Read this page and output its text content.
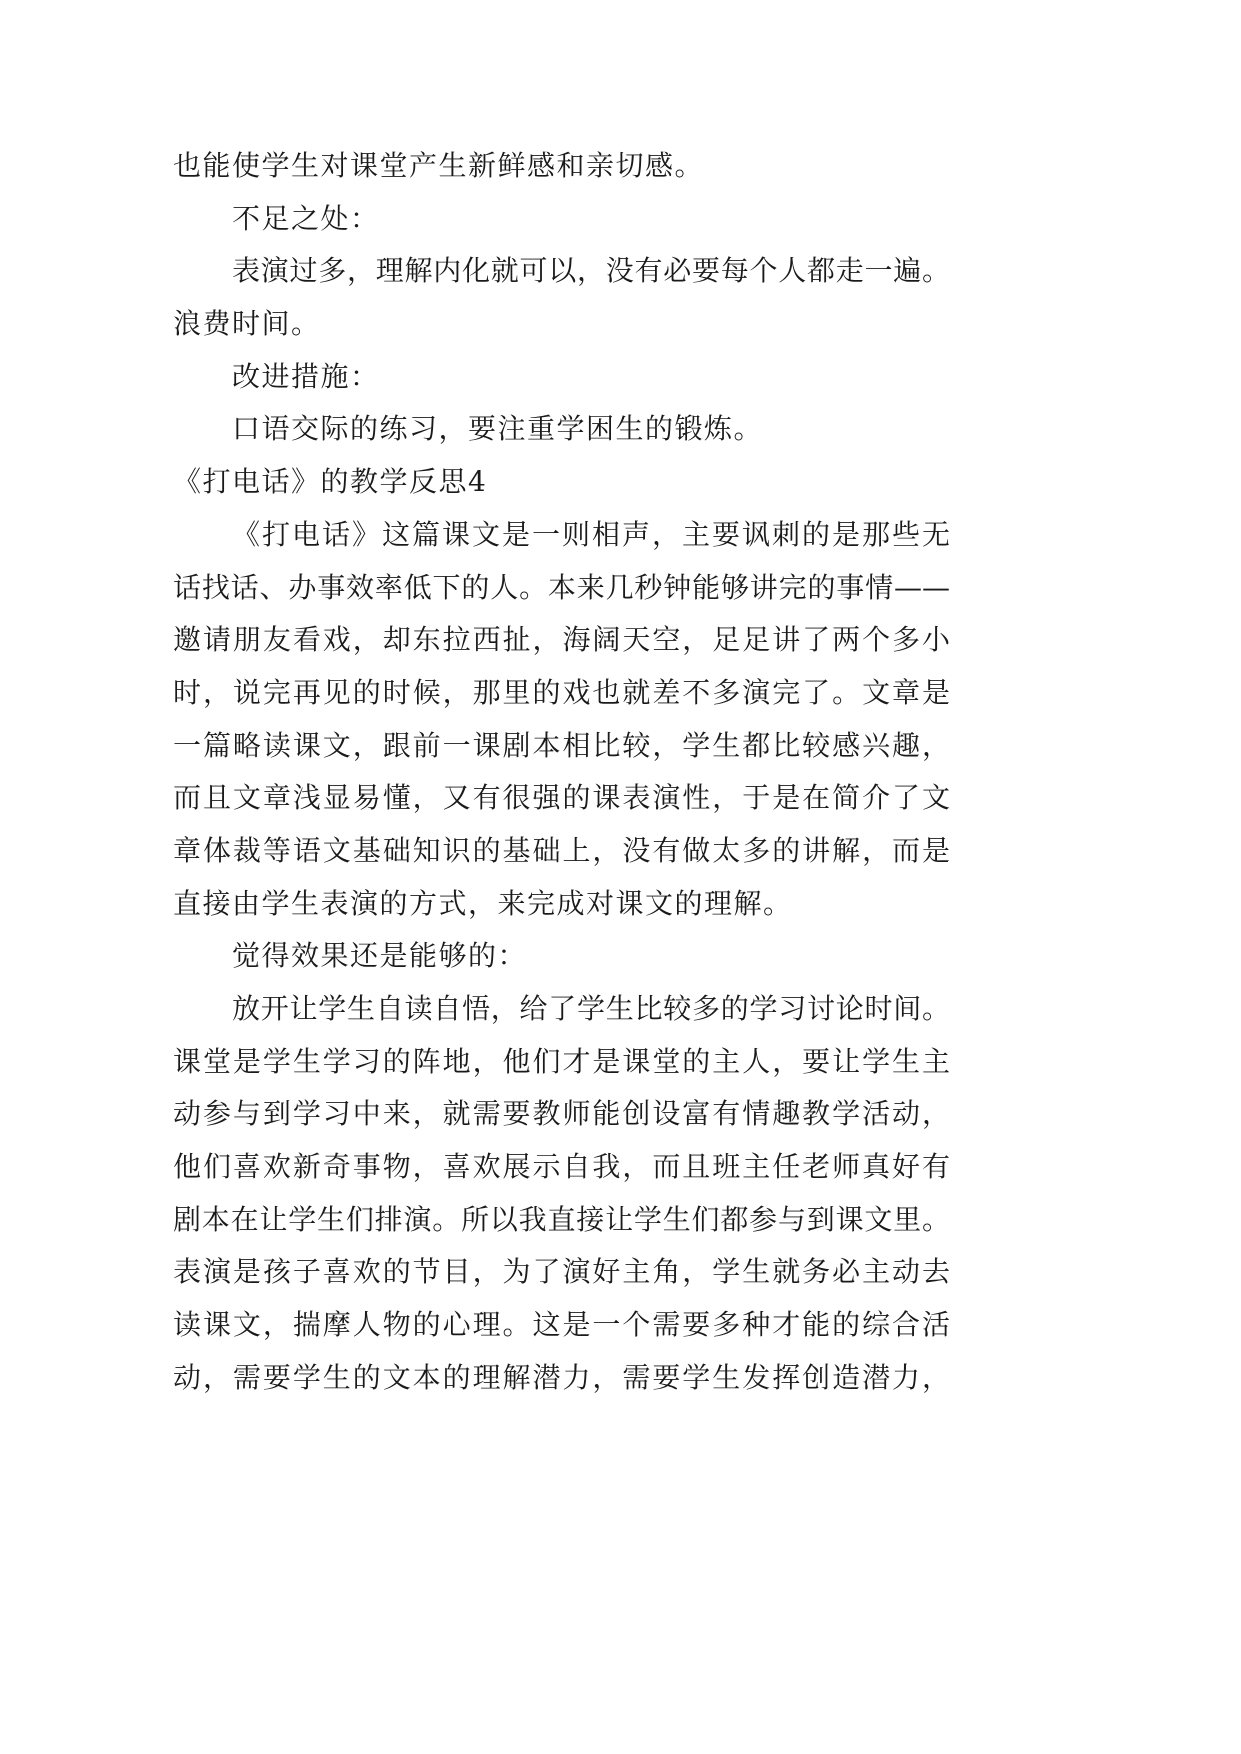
也能使学生对课堂产生新鲜感和亲切感。
不足之处：
表演过多，理解内化就可以，没有必要每个人都走一遍。
浪费时间。
改进措施：
口语交际的练习，要注重学困生的锻炼。
《打电话》的教学反思4
《打电话》这篇课文是一则相声，主要讽刺的是那些无
话找话、办事效率低下的人。本来几秒钟能够讲完的事情——
邀请朋友看戏，却东拉西扯，海阔天空，足足讲了两个多小
时，说完再见的时候，那里的戏也就差不多演完了。文章是
一篇略读课文，跟前一课剧本相比较，学生都比较感兴趣，
而且文章浅显易懂，又有很强的课表演性，于是在简介了文
章体裁等语文基础知识的基础上，没有做太多的讲解，而是
直接由学生表演的方式，来完成对课文的理解。
觉得效果还是能够的：
放开让学生自读自悟，给了学生比较多的学习讨论时间。
课堂是学生学习的阵地，他们才是课堂的主人，要让学生主
动参与到学习中来，就需要教师能创设富有情趣教学活动，
他们喜欢新奇事物，喜欢展示自我，而且班主任老师真好有
剧本在让学生们排演。所以我直接让学生们都参与到课文里。
表演是孩子喜欢的节目，为了演好主角，学生就务必主动去
读课文，揣摩人物的心理。这是一个需要多种才能的综合活
动，需要学生的文本的理解潜力，需要学生发挥创造潜力，
